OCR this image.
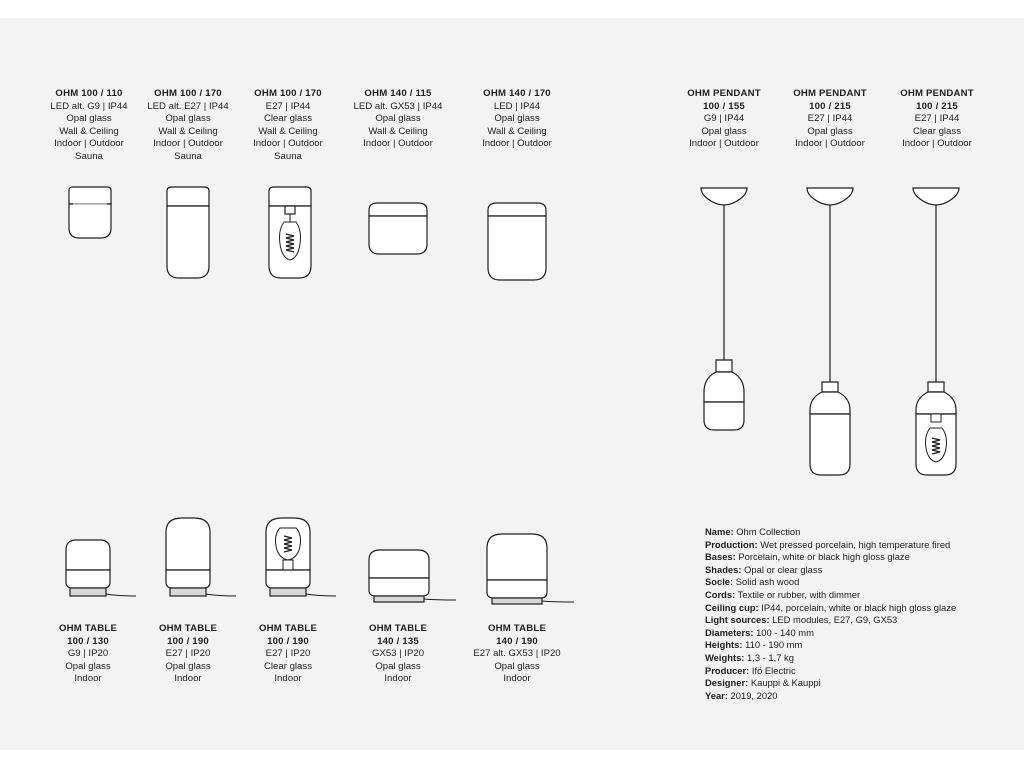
OHM 100 / 110
LED alt. G9 | IP44
Opal glass
Wall & Ceiling
Indoor | Outdoor
Sauna
OHM 100 / 170
LED alt. E27 | IP44
Opal glass
Wall & Ceiling
Indoor | Outdoor
Sauna
OHM 100 / 170
E27 | IP44
Clear glass
Wall & Ceiling
Indoor | Outdoor
Sauna
OHM 140 / 115
LED alt. GX53 | IP44
Opal glass
Wall & Ceiling
Indoor | Outdoor
OHM 140 / 170
LED | IP44
Opal glass
Wall & Ceiling
Indoor | Outdoor
OHM PENDANT
100 / 155
G9 | IP44
Opal glass
Indoor | Outdoor
OHM PENDANT
100 / 215
E27 | IP44
Opal glass
Indoor | Outdoor
OHM PENDANT
100 / 215
E27 | IP44
Clear glass
Indoor | Outdoor
OHM TABLE
100 / 130
G9 | IP20
Opal glass
Indoor
OHM TABLE
100 / 190
E27 | IP20
Opal glass
Indoor
OHM TABLE
100 / 190
E27 | IP20
Clear glass
Indoor
OHM TABLE
140 / 135
GX53 | IP20
Opal glass
Indoor
OHM TABLE
140 / 190
E27 alt. GX53 | IP20
Opal glass
Indoor
Name: Ohm Collection
Production: Wet pressed porcelain, high temperature fired
Bases: Porcelain, white or black high gloss glaze
Shades: Opal or clear glass
Socle: Solid ash wood
Cords: Textile or rubber, with dimmer
Ceiling cup: IP44, porcelain, white or black high gloss glaze
Light sources: LED modules, E27, G9, GX53
Diameters: 100 - 140 mm
Heights: 110 - 190 mm
Weights: 1,3 - 1,7 kg
Producer: Ifö Electric
Designer: Kauppi & Kauppi
Year: 2019, 2020
